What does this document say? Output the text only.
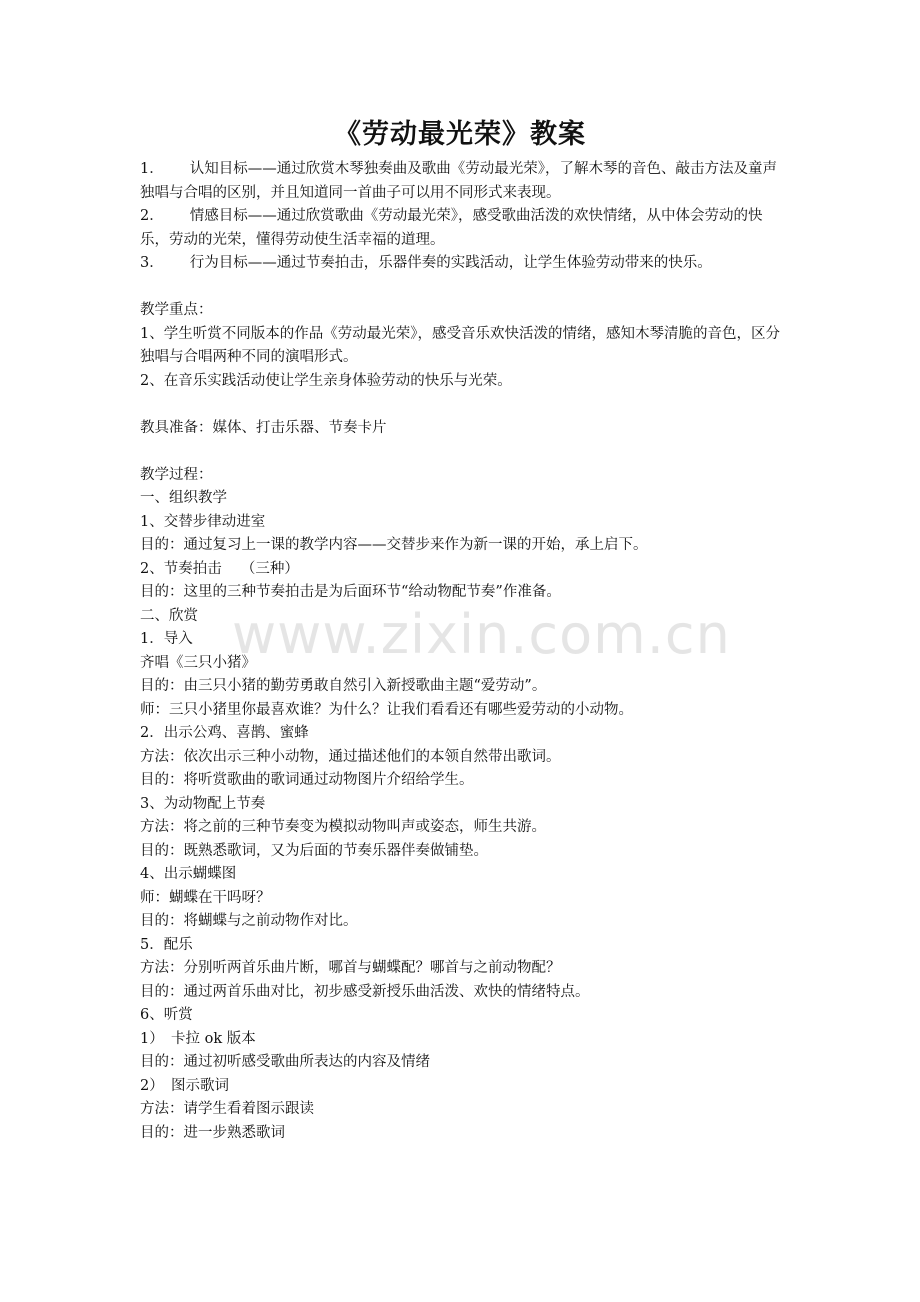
《劳动最光荣》教案

1． 认知目标——通过欣赏木琴独奏曲及歌曲《劳动最光荣》，了解木琴的音色、敲击方法及童声独唱与合唱的区别，并且知道同一首曲子可以用不同形式来表现。

2． 情感目标——通过欣赏歌曲《劳动最光荣》，感受歌曲活泼的欢快情绪，从中体会劳动的快乐，劳动的光荣，懂得劳动使生活幸福的道理。

3． 行为目标——通过节奏拍击，乐器伴奏的实践活动，让学生体验劳动带来的快乐。

教学重点：

1、学生听赏不同版本的作品《劳动最光荣》，感受音乐欢快活泼的情绪，感知木琴清脆的音色，区分独唱与合唱两种不同的演唱形式。

2、在音乐实践活动使让学生亲身体验劳动的快乐与光荣。

教具准备：媒体、打击乐器、节奏卡片

教学过程：

一、组织教学

1、交替步律动进室

目的：通过复习上一课的教学内容——交替步来作为新一课的开始，承上启下。

2、节奏拍击　 （三种）

目的：这里的三种节奏拍击是为后面环节“给动物配节奏”作准备。

二、欣赏

1．导入

齐唱《三只小猪》

目的：由三只小猪的勤劳勇敢自然引入新授歌曲主题“爱劳动”。

师：三只小猪里你最喜欢谁？为什么？让我们看看还有哪些爱劳动的小动物。

2．出示公鸡、喜鹊、蜜蜂

方法：依次出示三种小动物，通过描述他们的本领自然带出歌词。

目的：将听赏歌曲的歌词通过动物图片介绍给学生。

3、为动物配上节奏

方法：将之前的三种节奏变为模拟动物叫声或姿态，师生共游。

目的：既熟悉歌词，又为后面的节奏乐器伴奏做铺垫。

4、出示蝴蝶图

师：蝴蝶在干吗呀？

目的：将蝴蝶与之前动物作对比。

5．配乐

方法：分别听两首乐曲片断，哪首与蝴蝶配？哪首与之前动物配？

目的：通过两首乐曲对比，初步感受新授乐曲活泼、欢快的情绪特点。

6、听赏

1）　卡拉 ok 版本

目的：通过初听感受歌曲所表达的内容及情绪

2）　图示歌词

方法：请学生看着图示跟读

目的：进一步熟悉歌词

www.zixin.com.cn
